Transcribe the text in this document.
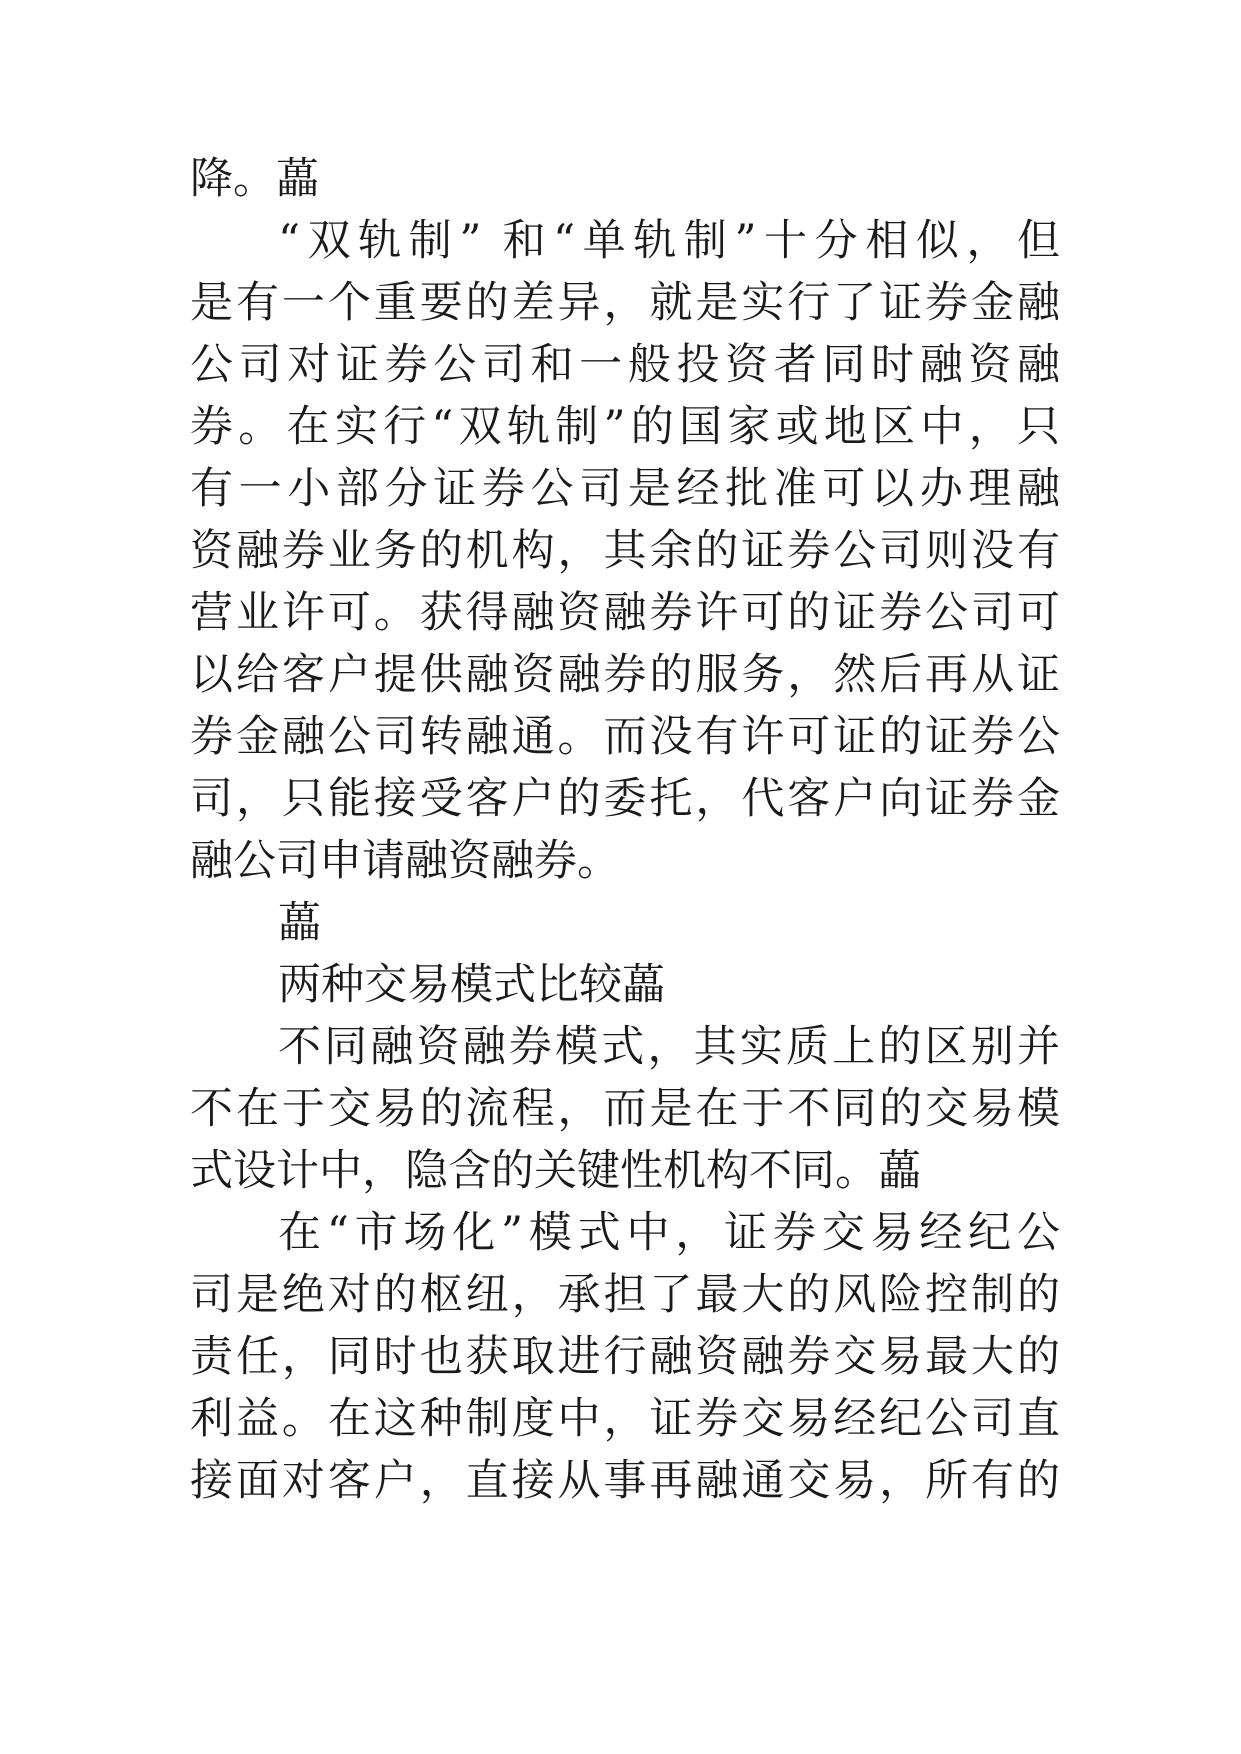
降。藟
“双轨制” 和“单轨制”十分相似，但
是有一个重要的差异，就是实行了证券金融
公司对证券公司和一般投资者同时融资融
券。在实行“双轨制”的国家或地区中，只
有一小部分证券公司是经批准可以办理融
资融券业务的机构，其余的证券公司则没有
营业许可。获得融资融券许可的证券公司可
以给客户提供融资融券的服务，然后再从证
券金融公司转融通。而没有许可证的证券公
司，只能接受客户的委托，代客户向证券金
融公司申请融资融券。
藟
两种交易模式比较藟
不同融资融券模式，其实质上的区别并
不在于交易的流程，而是在于不同的交易模
式设计中，隐含的关键性机构不同。藟
在“市场化”模式中，证券交易经纪公
司是绝对的枢纽，承担了最大的风险控制的
责任，同时也获取进行融资融券交易最大的
利益。在这种制度中，证券交易经纪公司直
接面对客户，直接从事再融通交易，所有的
